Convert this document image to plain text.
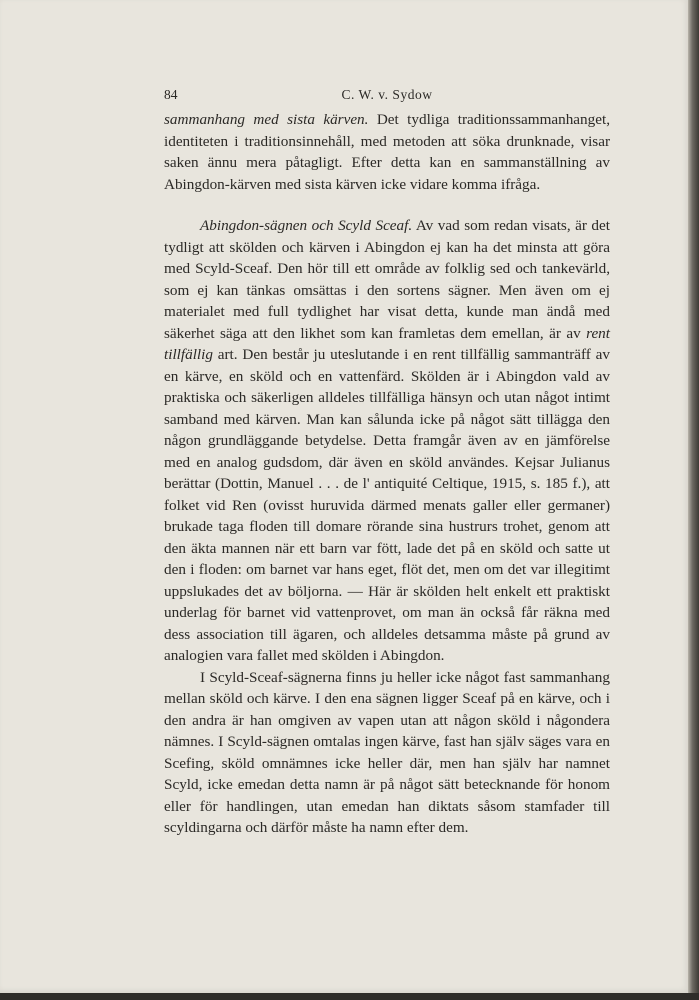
84	C. W. v. Sydow

sammanhang med sista kärven. Det tydliga traditionssammanhanget, identiteten i traditionsinnehåll, med metoden att söka drunknade, visar saken ännu mera påtagligt. Efter detta kan en sammanställning av Abingdon-kärven med sista kärven icke vidare komma ifråga.

Abingdon-sägnen och Scyld Sceaf. Av vad som redan visats, är det tydligt att skölden och kärven i Abingdon ej kan ha det minsta att göra med Scyld-Sceaf. Den hör till ett område av folklig sed och tankevärld, som ej kan tänkas omsättas i den sortens sägner. Men även om ej materialet med full tydlighet har visat detta, kunde man ändå med säkerhet säga att den likhet som kan framletas dem emellan, är av rent tillfällig art. Den består ju uteslutande i en rent tillfällig sammanträff av en kärve, en sköld och en vattenfärd. Skölden är i Abingdon vald av praktiska och säkerligen alldeles tillfälliga hänsyn och utan något intimt samband med kärven. Man kan sålunda icke på något sätt tillägga den någon grundläggande betydelse. Detta framgår även av en jämförelse med en analog gudsdom, där även en sköld användes. Kejsar Julianus berättar (Dottin, Manuel . . . de l' antiquité Celtique, 1915, s. 185 f.), att folket vid Ren (ovisst huruvida därmed menats galler eller germaner) brukade taga floden till domare rörande sina hustrurs trohet, genom att den äkta mannen när ett barn var fött, lade det på en sköld och satte ut den i floden: om barnet var hans eget, flöt det, men om det var illegitimt uppslukades det av böljorna. — Här är skölden helt enkelt ett praktiskt underlag för barnet vid vattenprovet, om man än också får räkna med dess association till ägaren, och alldeles detsamma måste på grund av analogien vara fallet med skölden i Abingdon.

I Scyld-Sceaf-sägnerna finns ju heller icke något fast sammanhang mellan sköld och kärve. I den ena sägnen ligger Sceaf på en kärve, och i den andra är han omgiven av vapen utan att någon sköld i någondera nämnes. I Scyld-sägnen omtalas ingen kärve, fast han själv säges vara en Scefing, sköld omnämnes icke heller där, men han själv har namnet Scyld, icke emedan detta namn är på något sätt betecknande för honom eller för handlingen, utan emedan han diktats såsom stamfader till scyldingarna och därför måste ha namn efter dem.
